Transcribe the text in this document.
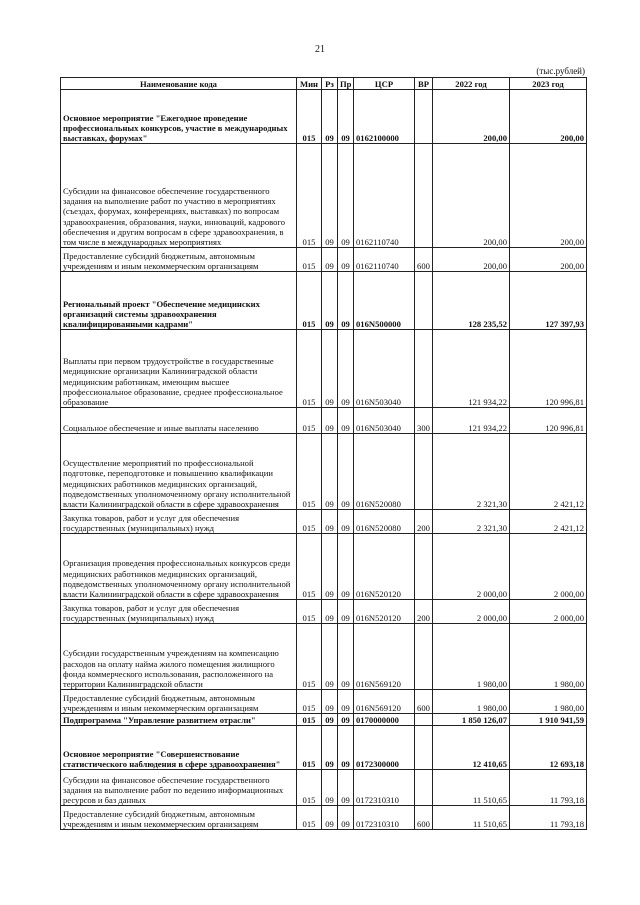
21
(тыс.рублей)
Наименование кода	Мин	Рз	Пр	ЦСР	ВР	2022 год	2023 год
Основное мероприятие "Ежегодное проведение профессиональных конкурсов, участие в международных выставках, форумах"	015	09	09	0162100000		200,00	200,00
Субсидии на финансовое обеспечение государственного задания на выполнение работ по участию в мероприятиях (съездах, форумах, конференциях, выставках) по вопросам здравоохранения, образования, науки, инноваций, кадрового обеспечения и другим вопросам в сфере здравоохранения, в том числе в международных мероприятиях	015	09	09	0162110740		200,00	200,00
Предоставление субсидий бюджетным, автономным учреждениям и иным некоммерческим организациям	015	09	09	0162110740	600	200,00	200,00
Региональный проект "Обеспечение медицинских организаций системы здравоохранения квалифицированными кадрами"	015	09	09	016N500000		128 235,52	127 397,93
Выплаты при первом трудоустройстве в государственные медицинские организации Калининградской области медицинским работникам, имеющим высшее профессиональное образование, среднее профессиональное образование	015	09	09	016N503040		121 934,22	120 996,81
Социальное обеспечение и иные выплаты населению	015	09	09	016N503040	300	121 934,22	120 996,81
Осуществление мероприятий по профессиональной подготовке, переподготовке и повышению квалификации медицинских работников медицинских организаций, подведомственных уполномоченному органу исполнительной власти Калининградской области в сфере здравоохранения	015	09	09	016N520080		2 321,30	2 421,12
Закупка товаров, работ и услуг для обеспечения государственных (муниципальных) нужд	015	09	09	016N520080	200	2 321,30	2 421,12
Организация проведения профессиональных конкурсов среди медицинских работников медицинских организаций, подведомственных уполномоченному органу исполнительной власти Калининградской области в сфере здравоохранения	015	09	09	016N520120		2 000,00	2 000,00
Закупка товаров, работ и услуг для обеспечения государственных (муниципальных) нужд	015	09	09	016N520120	200	2 000,00	2 000,00
Субсидии государственным учреждениям на компенсацию расходов на оплату найма жилого помещения жилищного фонда коммерческого использования, расположенного на территории Калининградской области	015	09	09	016N569120		1 980,00	1 980,00
Предоставление субсидий бюджетным, автономным учреждениям и иным некоммерческим организациям	015	09	09	016N569120	600	1 980,00	1 980,00
Подпрограмма "Управление развитием отрасли"	015	09	09	0170000000		1 850 126,07	1 910 941,59
Основное мероприятие "Совершенствование статистического наблюдения в сфере здравоохранения"	015	09	09	0172300000		12 410,65	12 693,18
Субсидии на финансовое обеспечение государственного задания на выполнение работ по ведению информационных ресурсов и баз данных	015	09	09	0172310310		11 510,65	11 793,18
Предоставление субсидий бюджетным, автономным учреждениям и иным некоммерческим организациям	015	09	09	0172310310	600	11 510,65	11 793,18
